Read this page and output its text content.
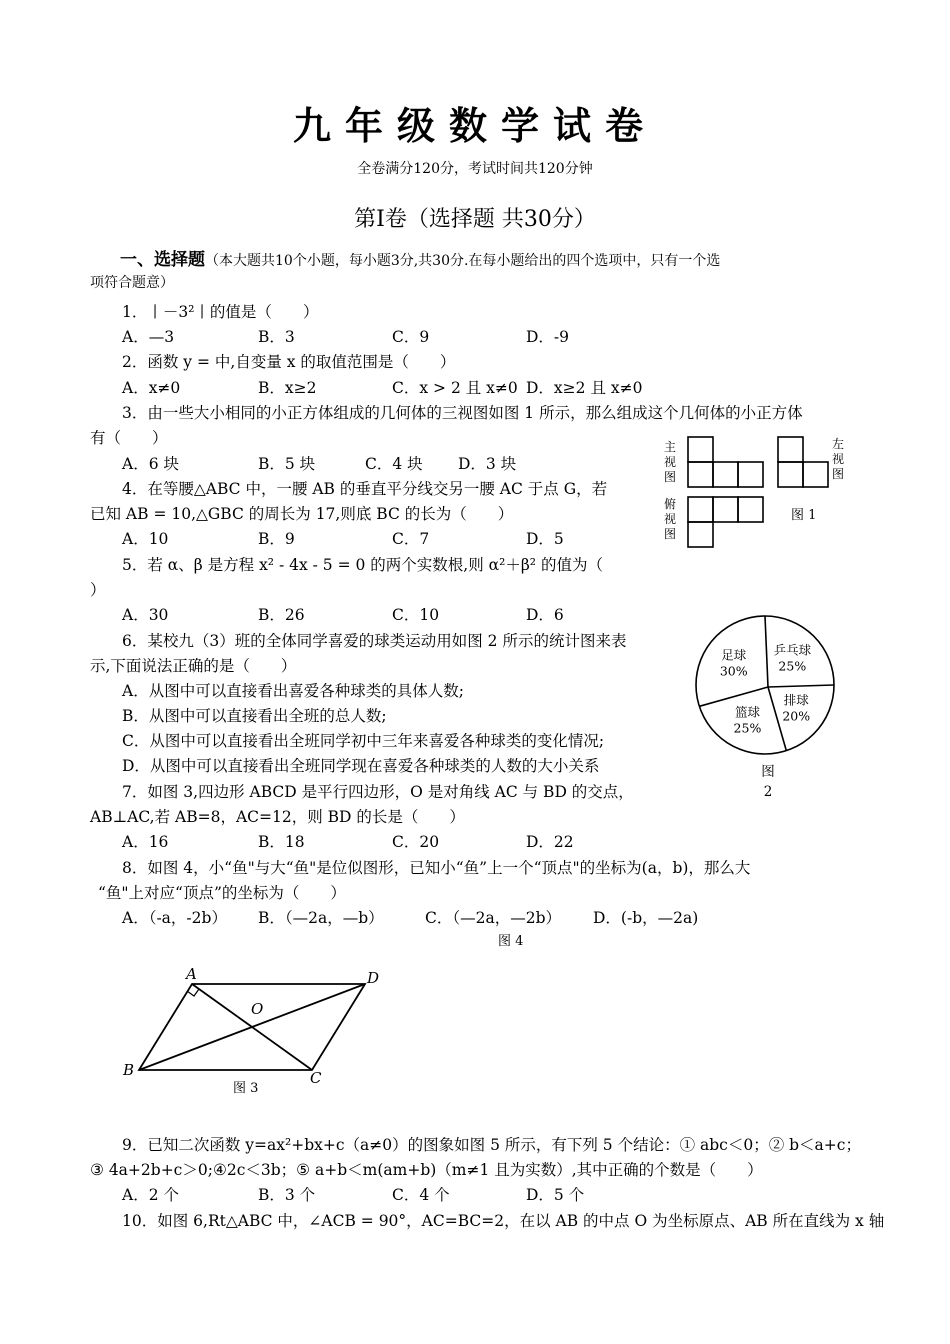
九年级数学试卷
全卷满分120分，考试时间共120分钟
第Ⅰ卷（选择题 共30分）
一、选择题（本大题共10个小题，每小题3分,共30分.在每小题给出的四个选项中，只有一个选
项符合题意）
1．丨－3²丨的值是（　　）
A．—3	B．3	C．9	D．-9
2．函数 y = 中,自变量 x 的取值范围是（　　）
A．x≠0	B．x≥2	C．x > 2 且 x≠0 D．x≥2 且 x≠0
3．由一些大小相同的小正方体组成的几何体的三视图如图 1 所示，那么组成这个几何体的小正方体
有（　　）
A．6 块	B．5 块	C．4 块 D．3 块
4．在等腰△ABC 中，一腰 AB 的垂直平分线交另一腰 AC 于点 G，若
已知 AB = 10,△GBC 的周长为 17,则底 BC 的长为（　　）
A．10	B．9	C．7	D．5
5．若 α、β 是方程 x² - 4x - 5 = 0 的两个实数根,则 α²＋β² 的值为（
）
A．30	B．26	C．10	D．6
6．某校九（3）班的全体同学喜爱的球类运动用如图 2 所示的统计图来表
示,下面说法正确的是（　　）
A．从图中可以直接看出喜爱各种球类的具体人数;
B．从图中可以直接看出全班的总人数;
C．从图中可以直接看出全班同学初中三年来喜爱各种球类的变化情况;
D．从图中可以直接看出全班同学现在喜爱各种球类的人数的大小关系
7．如图 3,四边形 ABCD 是平行四边形，O 是对角线 AC 与 BD 的交点，
AB⊥AC,若 AB=8，AC=12，则 BD 的长是（　　）
A．16	B．18	C．20	D．22
8．如图 4，小“鱼"与大“鱼"是位似图形，已知小“鱼”上一个“顶点"的坐标为(a，b)，那么大
“鱼"上对应“顶点”的坐标为（　　）
A．（-a，-2b） B．（—2a，—b）	C．（—2a，—2b） D．(-b，—2a)
图 4
9．已知二次函数 y=ax²+bx+c（a≠0）的图象如图 5 所示，有下列 5 个结论：① abc＜0；② b＜a+c；
③ 4a+2b+c＞0;④2c＜3b；⑤ a+b＜m(am+b)（m≠1 且为实数）,其中正确的个数是（　　）
A．2 个	B．3 个	C．4 个	D．5 个
10．如图 6,Rt△ABC 中，∠ACB = 90°，AC=BC=2，在以 AB 的中点 O 为坐标原点、AB 所在直线为 x 轴
主
视
图
左
视
图
俯
视
图
图 1
乒乓球
25%
排球
20%
篮球
25%
足球
30%
图
2
A	D
O
B	C
图 3
